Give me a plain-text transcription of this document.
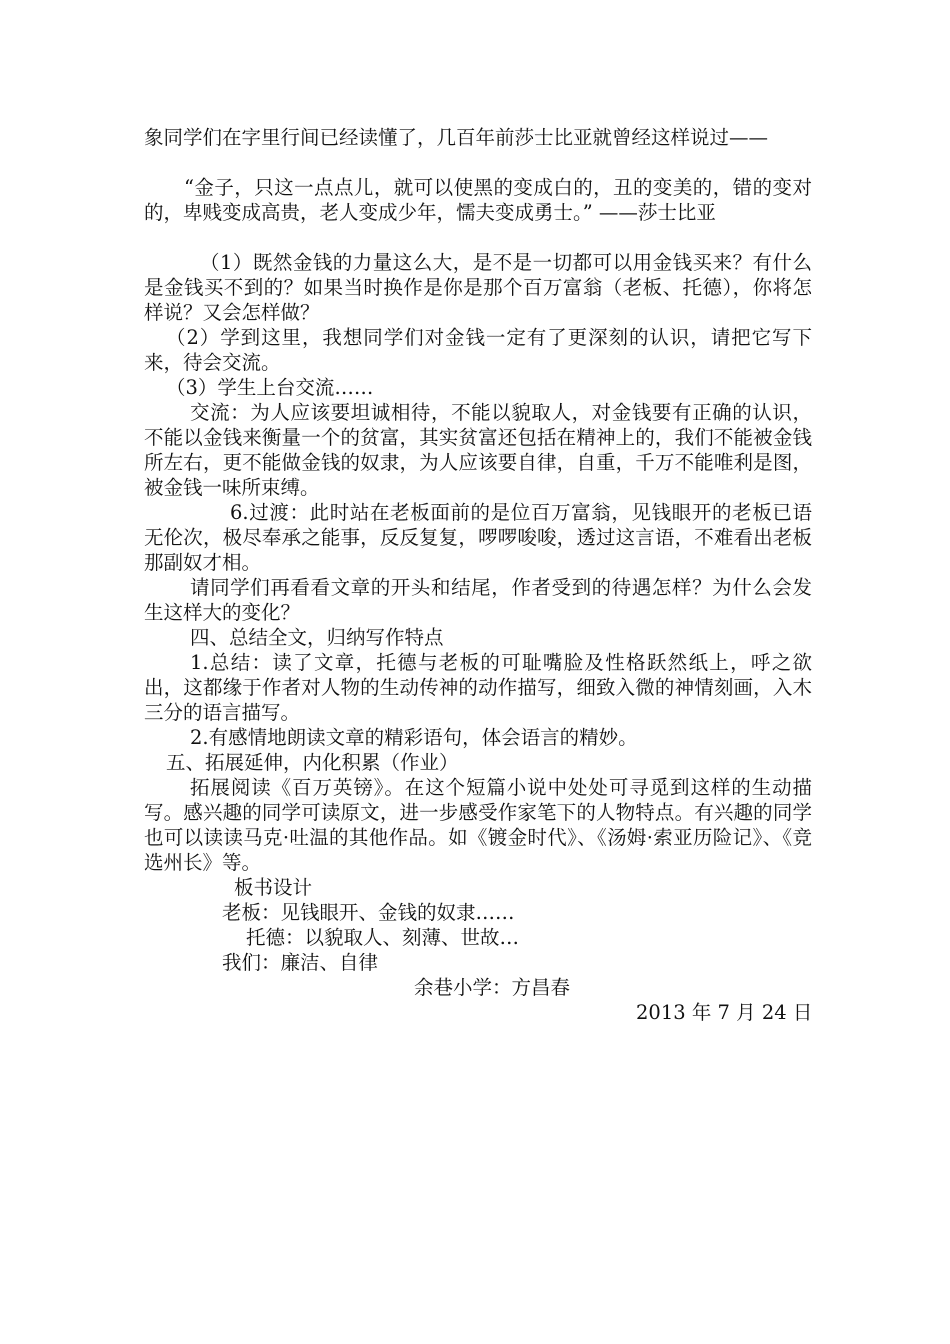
象同学们在字里行间已经读懂了，几百年前莎士比亚就曾经这样说过——
“金子，只这一点点儿，就可以使黑的变成白的，丑的变美的，错的变对的，卑贱变成高贵，老人变成少年，懦夫变成勇士。” ——莎士比亚
（1）既然金钱的力量这么大，是不是一切都可以用金钱买来？有什么是金钱买不到的？如果当时换作是你是那个百万富翁（老板、托德），你将怎样说？又会怎样做？
（2）学到这里，我想同学们对金钱一定有了更深刻的认识，请把它写下来，待会交流。
（3）学生上台交流……
交流：为人应该要坦诚相待，不能以貌取人，对金钱要有正确的认识，不能以金钱来衡量一个的贫富，其实贫富还包括在精神上的，我们不能被金钱所左右，更不能做金钱的奴隶，为人应该要自律，自重，千万不能唯利是图，被金钱一味所束缚。
6.过渡：此时站在老板面前的是位百万富翁，见钱眼开的老板已语无伦次，极尽奉承之能事，反反复复，啰啰唆唆，透过这言语，不难看出老板那副奴才相。
请同学们再看看文章的开头和结尾，作者受到的待遇怎样？为什么会发生这样大的变化？
四、总结全文，归纳写作特点
1.总结：读了文章，托德与老板的可耻嘴脸及性格跃然纸上，呼之欲出，这都缘于作者对人物的生动传神的动作描写，细致入微的神情刻画，入木三分的语言描写。
2.有感情地朗读文章的精彩语句，体会语言的精妙。
五、拓展延伸，内化积累（作业）
拓展阅读《百万英镑》。在这个短篇小说中处处可寻觅到这样的生动描写。感兴趣的同学可读原文，进一步感受作家笔下的人物特点。有兴趣的同学也可以读读马克·吐温的其他作品。如《镀金时代》、《汤姆·索亚历险记》、《竞选州长》等。
板书设计
老板：见钱眼开、金钱的奴隶……
托德：以貌取人、刻薄、世故…
我们：廉洁、自律
余巷小学：方昌春
2013 年 7 月 24 日
